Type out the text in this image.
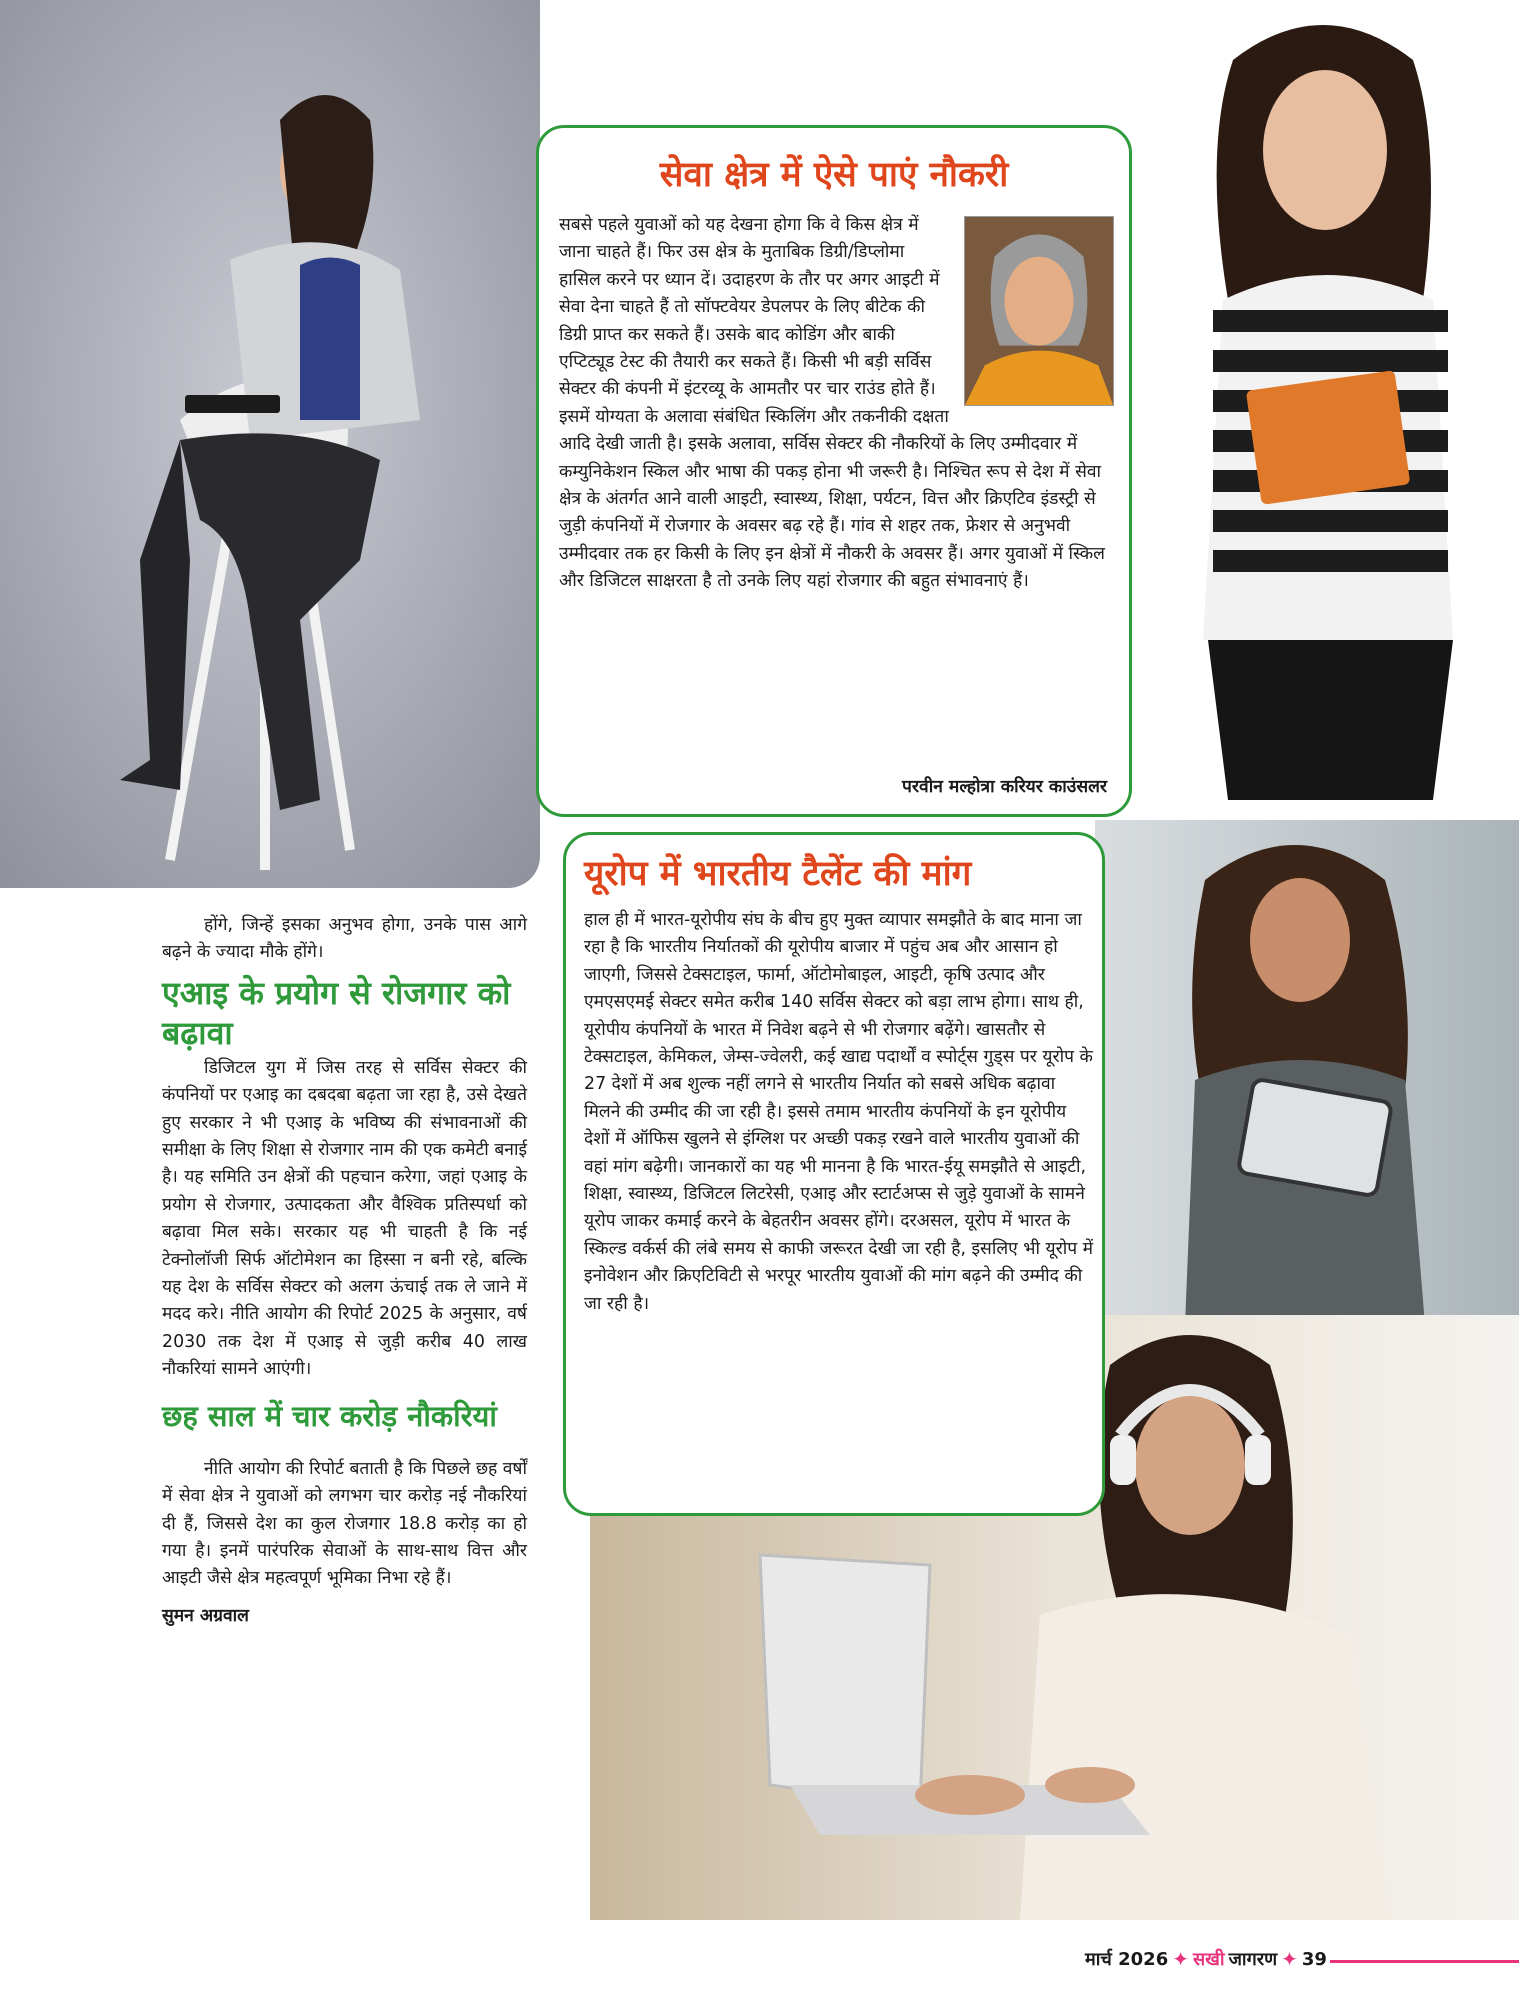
सेवा क्षेत्र में ऐसे पाएं नौकरी
सबसे पहले युवाओं को यह देखना होगा कि वे किस क्षेत्र में जाना चाहते हैं। फिर उस क्षेत्र के मुताबिक डिग्री/डिप्लोमा हासिल करने पर ध्यान दें। उदाहरण के तौर पर अगर आइटी में सेवा देना चाहते हैं तो सॉफ्टवेयर डेपलपर के लिए बीटेक की डिग्री प्राप्त कर सकते हैं। उसके बाद कोडिंग और बाकी एप्टिट्यूड टेस्ट की तैयारी कर सकते हैं। किसी भी बड़ी सर्विस सेक्टर की कंपनी में इंटरव्यू के आमतौर पर चार राउंड होते हैं। इसमें योग्यता के अलावा संबंधित स्किलिंग और तकनीकी दक्षता आदि देखी जाती है। इसके अलावा, सर्विस सेक्टर की नौकरियों के लिए उम्मीदवार में कम्युनिकेशन स्किल और भाषा की पकड़ होना भी जरूरी है। निश्चित रूप से देश में सेवा क्षेत्र के अंतर्गत आने वाली आइटी, स्वास्थ्य, शिक्षा, पर्यटन, वित्त और क्रिएटिव इंडस्ट्री से जुड़ी कंपनियों में रोजगार के अवसर बढ़ रहे हैं। गांव से शहर तक, फ्रेशर से अनुभवी उम्मीदवार तक हर किसी के लिए इन क्षेत्रों में नौकरी के अवसर हैं। अगर युवाओं में स्किल और डिजिटल साक्षरता है तो उनके लिए यहां रोजगार की बहुत संभावनाएं हैं।
परवीन मल्होत्रा करियर काउंसलर
यूरोप में भारतीय टैलेंट की मांग

हाल ही में भारत-यूरोपीय संघ के बीच हुए मुक्त व्यापार समझौते के बाद माना जा रहा है कि भारतीय निर्यातकों की यूरोपीय बाजार में पहुंच अब और आसान हो जाएगी, जिससे टेक्सटाइल, फार्मा, ऑटोमोबाइल, आइटी, कृषि उत्पाद और एमएसएमई सेक्टर समेत करीब 140 सर्विस सेक्टर को बड़ा लाभ होगा। साथ ही, यूरोपीय कंपनियों के भारत में निवेश बढ़ने से भी रोजगार बढ़ेंगे। खासतौर से टेक्सटाइल, केमिकल, जेम्स-ज्वेलरी, कई खाद्य पदार्थों व स्पोर्ट्स गुड्स पर यूरोप के 27 देशों में अब शुल्क नहीं लगने से भारतीय निर्यात को सबसे अधिक बढ़ावा मिलने की उम्मीद की जा रही है। इससे तमाम भारतीय कंपनियों के इन यूरोपीय देशों में ऑफिस खुलने से इंग्लिश पर अच्छी पकड़ रखने वाले भारतीय युवाओं की वहां मांग बढ़ेगी। जानकारों का यह भी मानना है कि भारत-ईयू समझौते से आइटी, शिक्षा, स्वास्थ्य, डिजिटल लिटरेसी, एआइ और स्टार्टअप्स से जुड़े युवाओं के सामने यूरोप जाकर कमाई करने के बेहतरीन अवसर होंगे। दरअसल, यूरोप में भारत के स्किल्ड वर्कर्स की लंबे समय से काफी जरूरत देखी जा रही है, इसलिए भी यूरोप में इनोवेशन और क्रिएटिविटी से भरपूर भारतीय युवाओं की मांग बढ़ने की उम्मीद की जा रही है।

होंगे, जिन्हें इसका अनुभव होगा, उनके पास आगे बढ़ने के ज्यादा मौके होंगे।

एआइ के प्रयोग से रोजगार को बढ़ावा

डिजिटल युग में जिस तरह से सर्विस सेक्टर की कंपनियों पर एआइ का दबदबा बढ़ता जा रहा है, उसे देखते हुए सरकार ने भी एआइ के भविष्य की संभावनाओं की समीक्षा के लिए शिक्षा से रोजगार नाम की एक कमेटी बनाई है। यह समिति उन क्षेत्रों की पहचान करेगा, जहां एआइ के प्रयोग से रोजगार, उत्पादकता और वैश्विक प्रतिस्पर्धा को बढ़ावा मिल सके। सरकार यह भी चाहती है कि नई टेक्नोलॉजी सिर्फ ऑटोमेशन का हिस्सा न बनी रहे, बल्कि यह देश के सर्विस सेक्टर को अलग ऊंचाई तक ले जाने में मदद करे। नीति आयोग की रिपोर्ट 2025 के अनुसार, वर्ष 2030 तक देश में एआइ से जुड़ी करीब 40 लाख नौकरियां सामने आएंगी।

छह साल में चार करोड़ नौकरियां

नीति आयोग की रिपोर्ट बताती है कि पिछले छह वर्षों में सेवा क्षेत्र ने युवाओं को लगभग चार करोड़ नई नौकरियां दी हैं, जिससे देश का कुल रोजगार 18.8 करोड़ का हो गया है। इनमें पारंपरिक सेवाओं के साथ-साथ वित्त और आइटी जैसे क्षेत्र महत्वपूर्ण भूमिका निभा रहे हैं।

सुमन अग्रवाल

मार्च 2026 ✦ सखी जागरण ✦ 39
